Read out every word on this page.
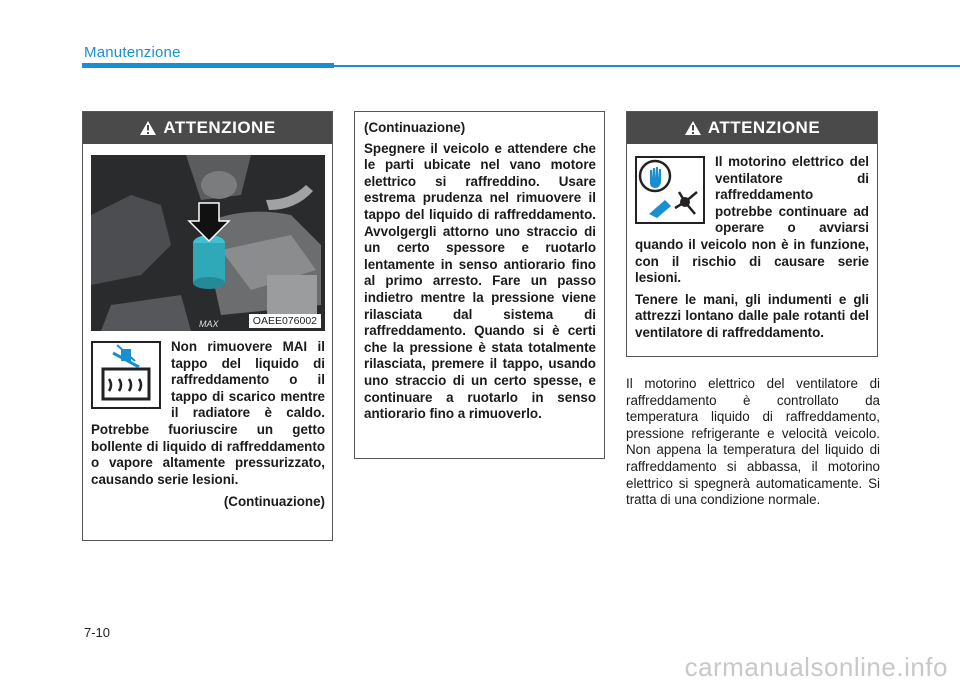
Manutenzione
ATTENZIONE
MAX	OAEE076002

Non rimuovere MAI il tappo del liquido di raffreddamento o il tappo di scarico mentre il radiatore è caldo. Potrebbe fuoriuscire un getto bollente di liquido di raffreddamento o vapore altamente pressurizzato, causando serie lesioni.

(Continuazione)

(Continuazione)

Spegnere il veicolo e attendere che le parti ubicate nel vano motore elettrico si raffreddino. Usare estrema prudenza nel rimuovere il tappo del liquido di raffreddamento. Avvolgergli attorno uno straccio di un certo spessore e ruotarlo lentamente in senso antiorario fino al primo arresto. Fare un passo indietro mentre la pressione viene rilasciata dal sistema di raffreddamento. Quando si è certi che la pressione è stata totalmente rilasciata, premere il tappo, usando uno straccio di un certo spesse, e continuare a ruotarlo in senso antiorario fino a rimuoverlo.

ATTENZIONE

Il motorino elettrico del ventilatore di raffreddamento potrebbe continuare ad operare o avviarsi quando il veicolo non è in funzione, con il rischio di causare serie lesioni.

Tenere le mani, gli indumenti e gli attrezzi lontano dalle pale rotanti del ventilatore di raffreddamento.

Il motorino elettrico del ventilatore di raffreddamento è controllato da temperatura liquido di raffreddamento, pressione refrigerante e velocità veicolo. Non appena la temperatura del liquido di raffreddamento si abbassa, il motorino elettrico si spegnerà automaticamente. Si tratta di una condizione normale.

7-10
carmanualsonline.info
